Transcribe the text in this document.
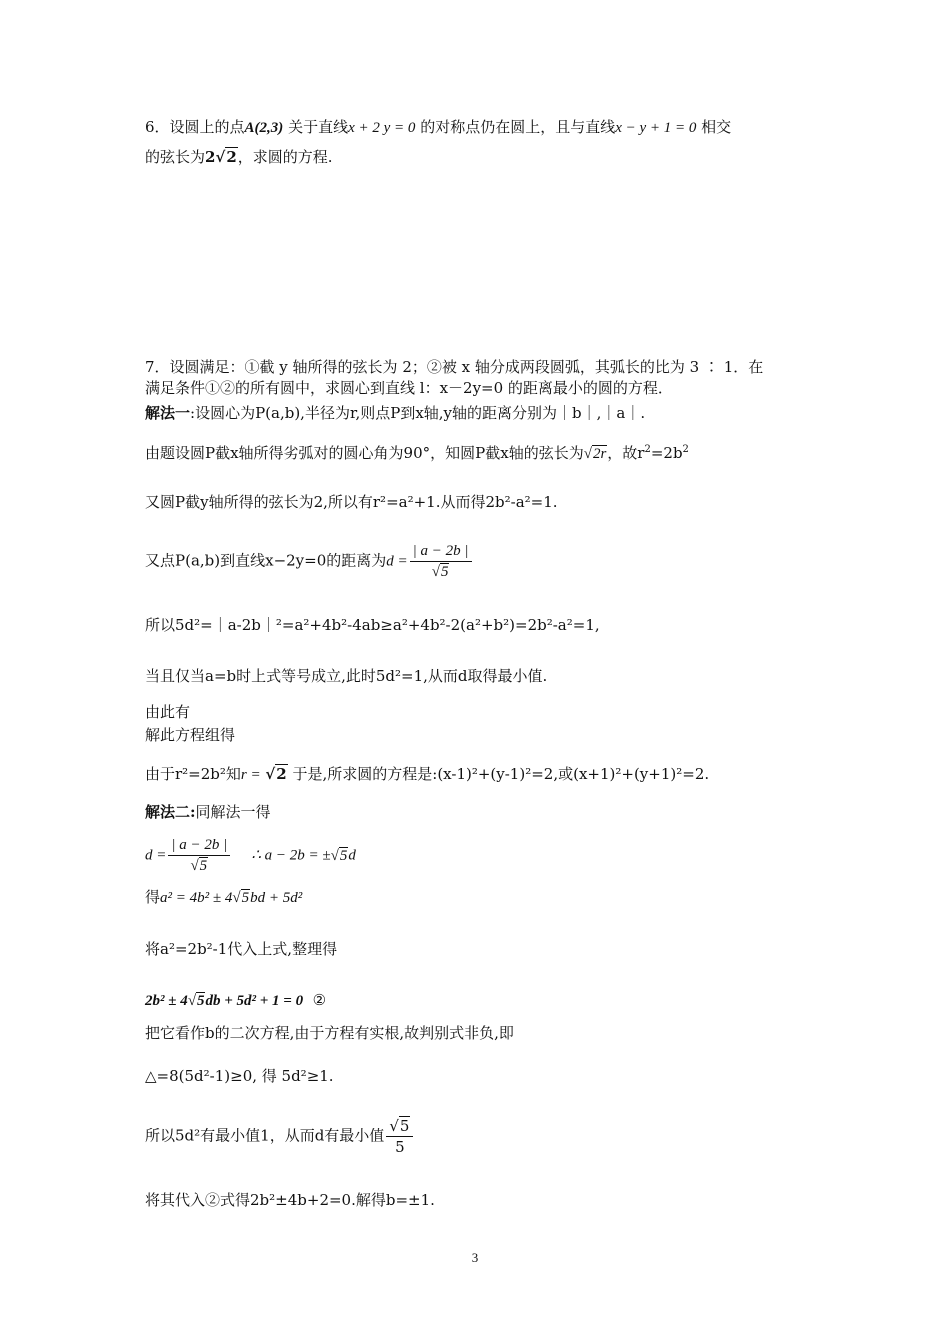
6．设圆上的点A(2,3) 关于直线x + 2 y = 0 的对称点仍在圆上，且与直线x − y + 1 = 0 相交
的弦长为2√2，求圆的方程.
7．设圆满足：①截 y 轴所得的弦长为 2；②被 x 轴分成两段圆弧，其弧长的比为 3 ∶ 1．在
满足条件①②的所有圆中，求圆心到直线 l：x－2y=0 的距离最小的圆的方程．
解法一:设圆心为P(a,b),半径为r,则点P到x轴,y轴的距离分别为｜b｜,｜a｜.
由题设圆P截x轴所得劣弧对的圆心角为90°，知圆P截x轴的弦长为√2r，故$r^2=2b^2$
又圆P截y轴所得的弦长为2,所以有r²=a²+1.从而得2b²-a²=1.
又点P(a,b)到直线x−2y=0的距离为$d = \frac{| a - 2b |}{√5}$
所以5d²=｜a-2b｜²=a²+4b²-4ab≥a²+4b²-2(a²+b²)=2b²-a²=1,
当且仅当a=b时上式等号成立,此时5d²=1,从而d取得最小值.
由此有
解此方程组得
由于r²=2b²知r = √2 于是,所求圆的方程是:(x-1)²+(y-1)²=2,或(x+1)²+(y+1)²=2.
解法二:同解法一得
$d = \frac{| a - 2b |}{√5}$ ∴ a − 2b = ±√5d
得a² = 4b² ± 4√5bd + 5d²
将a²=2b²-1代入上式,整理得
2b² ± 4√5db + 5d² + 1 = 0 ②
把它看作b的二次方程,由于方程有实根,故判别式非负,即
△=8(5d²-1)≥0, 得 5d²≥1.
所以5d²有最小值1，从而d有最小值 $\frac{√5}{5}$
将其代入②式得2b²±4b+2=0.解得b=±1.
3
